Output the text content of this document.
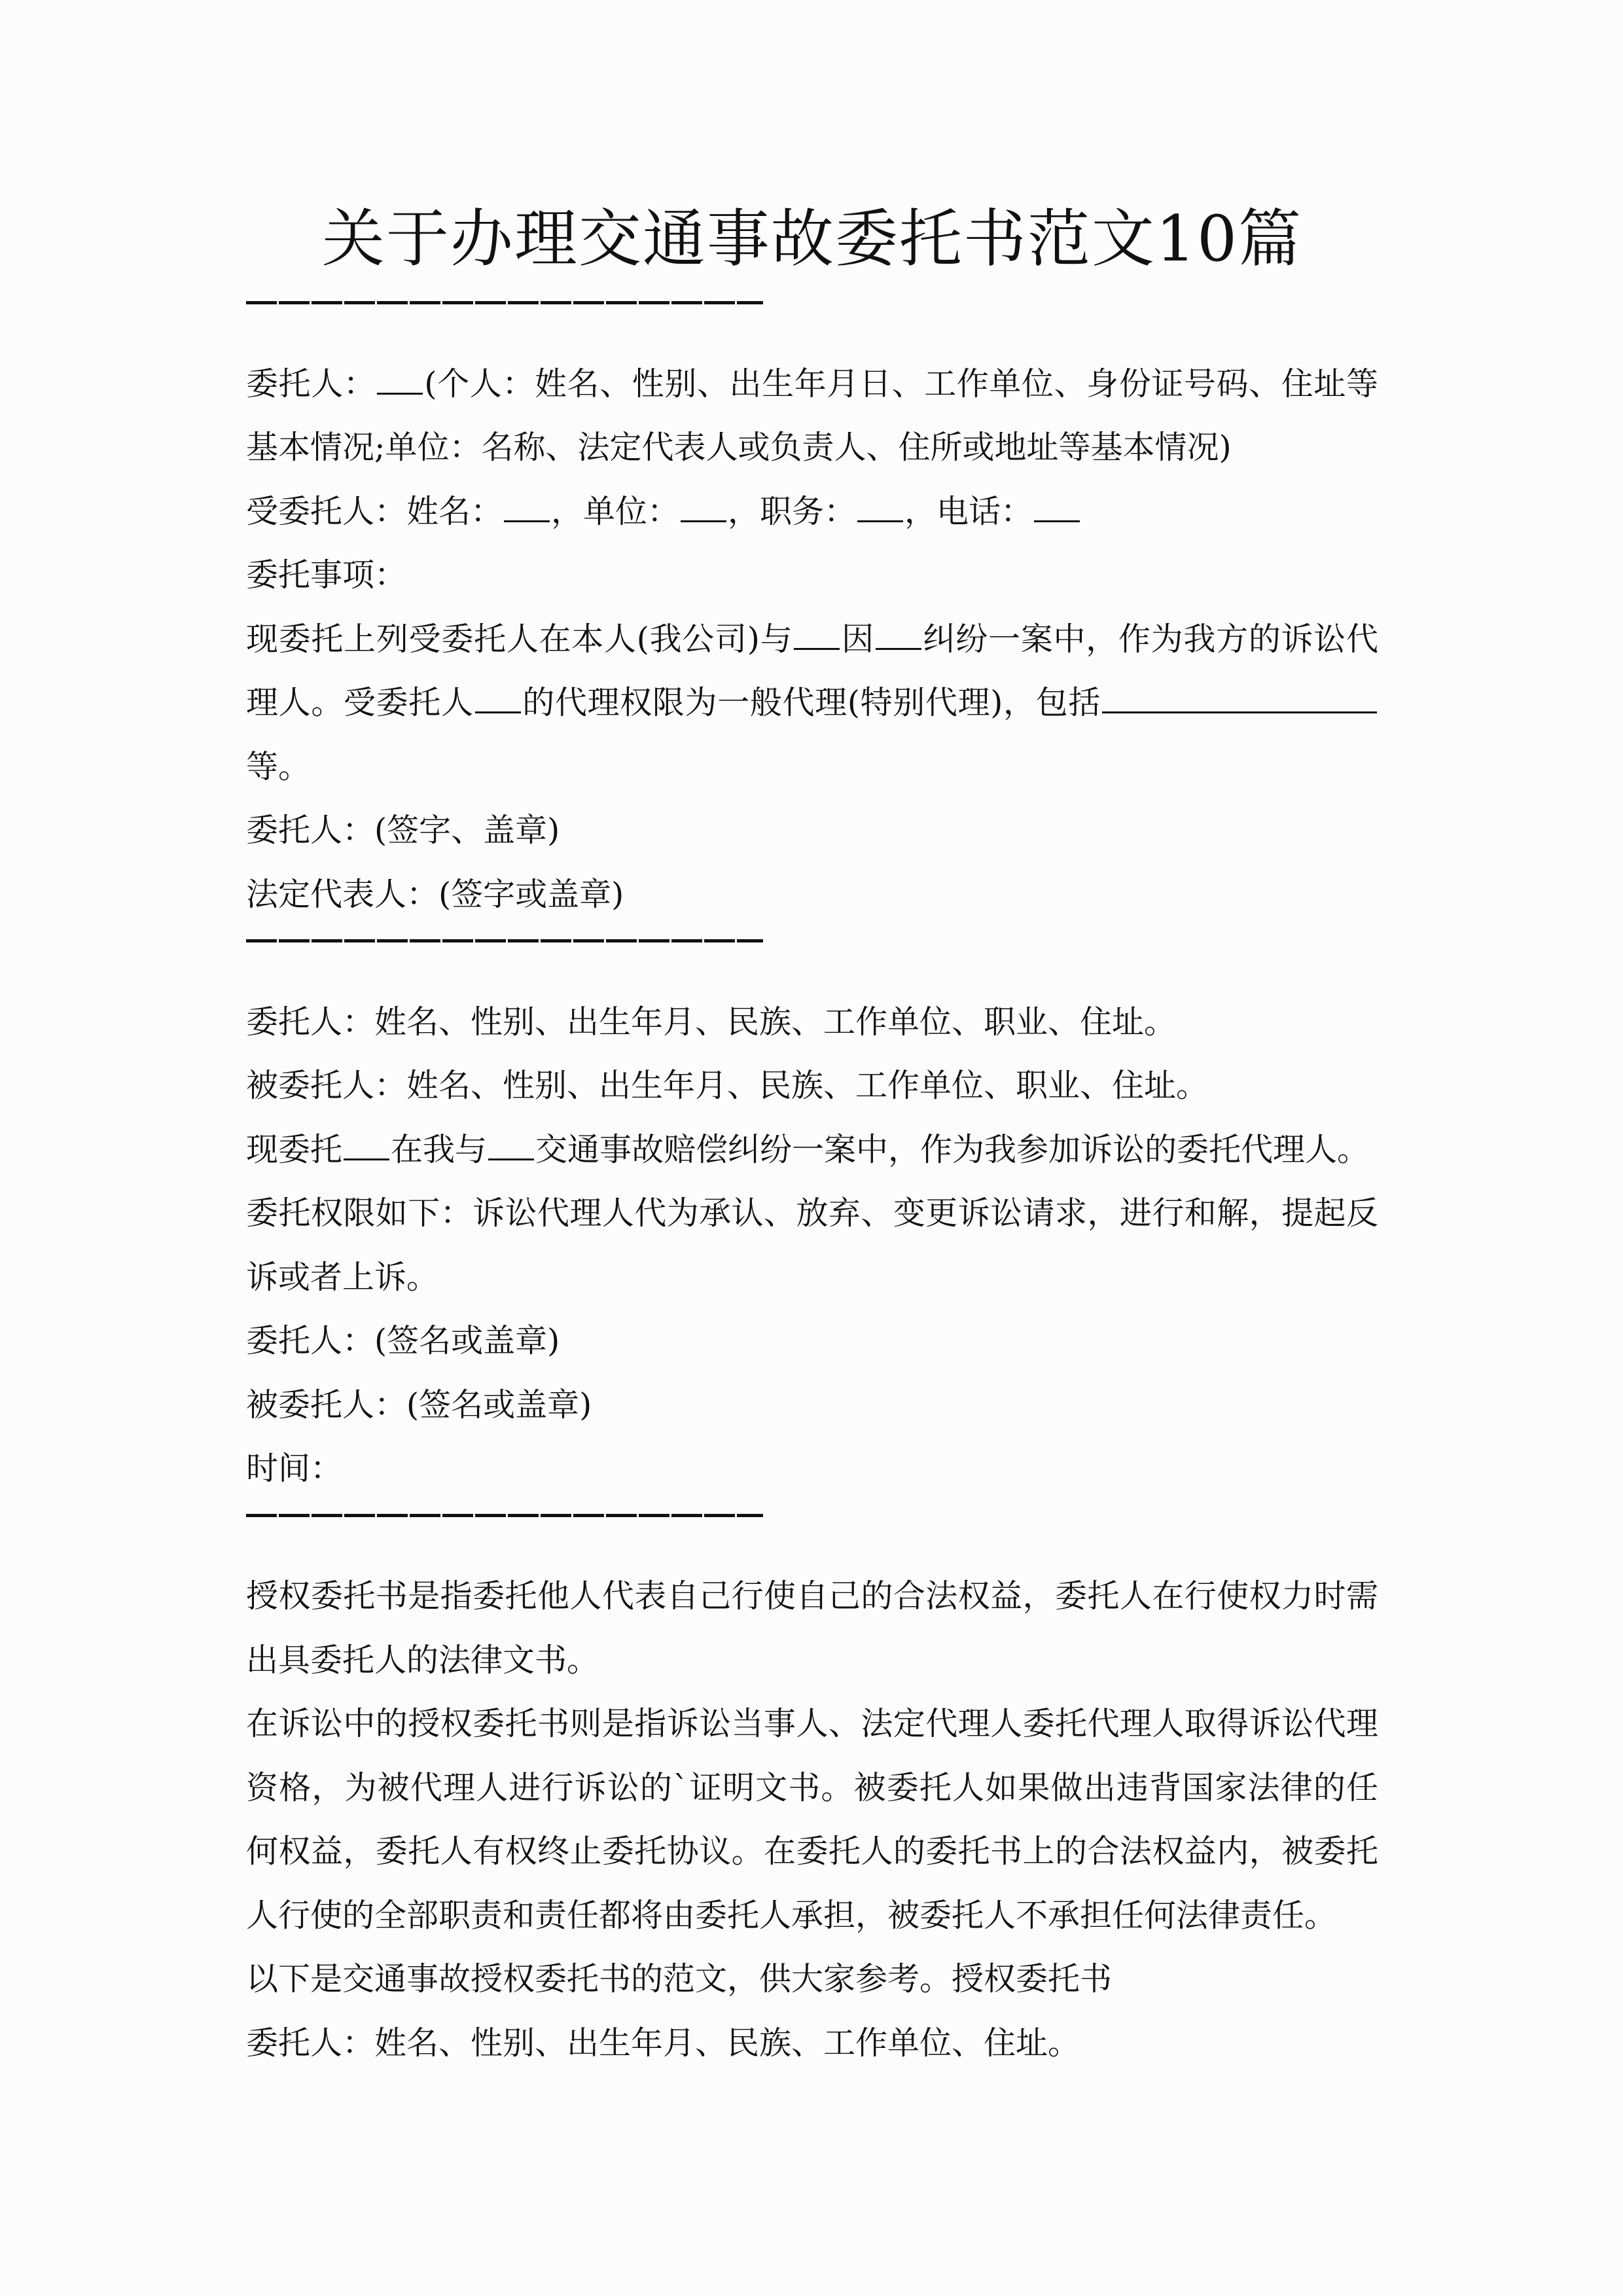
关于办理交通事故委托书范文10篇
委托人： (个人：姓名、性别、出生年月日、工作单位、身份证号码、住址等
基本情况;单位：名称、法定代表人或负责人、住所或地址等基本情况)
受委托人：姓名： ，单位： ，职务： ，电话：
委托事项：
现委托上列受委托人在本人(我公司)与 因 纠纷一案中，作为我方的诉讼代
理人。受委托人 的代理权限为一般代理(特别代理)，包括
等。
委托人：(签字、盖章)
法定代表人：(签字或盖章)
委托人：姓名、性别、出生年月、民族、工作单位、职业、住址。
被委托人：姓名、性别、出生年月、民族、工作单位、职业、住址。
现委托 在我与 交通事故赔偿纠纷一案中，作为我参加诉讼的委托代理人。
委托权限如下：诉讼代理人代为承认、放弃、变更诉讼请求，进行和解，提起反
诉或者上诉。
委托人：(签名或盖章)
被委托人：(签名或盖章)
时间：
授权委托书是指委托他人代表自己行使自己的合法权益，委托人在行使权力时需
出具委托人的法律文书。
在诉讼中的授权委托书则是指诉讼当事人、法定代理人委托代理人取得诉讼代理
资格，为被代理人进行诉讼的`证明文书。被委托人如果做出违背国家法律的任
何权益，委托人有权终止委托协议。在委托人的委托书上的合法权益内，被委托
人行使的全部职责和责任都将由委托人承担，被委托人不承担任何法律责任。
以下是交通事故授权委托书的范文，供大家参考。授权委托书
委托人：姓名、性别、出生年月、民族、工作单位、住址。
